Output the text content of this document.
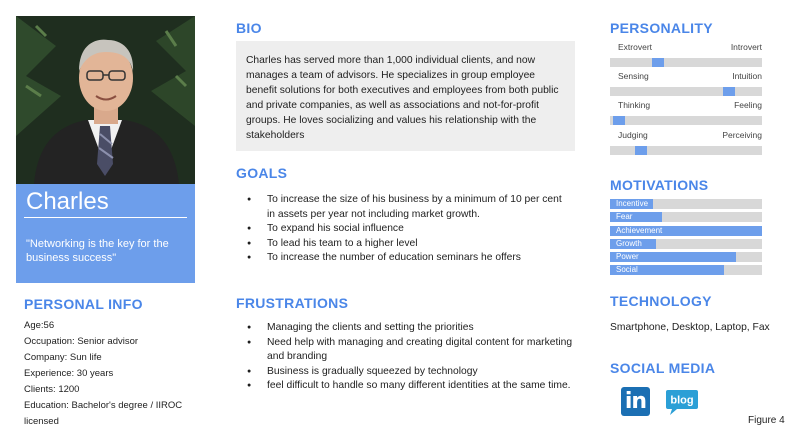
Charles
"Networking is the key for the business success"
PERSONAL INFO
Age:56
Occupation: Senior advisor
Company: Sun life
Experience: 30 years
Clients: 1200
Education: Bachelor's degree / IIROC licensed
BIO

Charles has served more than 1,000 individual clients, and now manages a team of advisors. He specializes in group employee benefit solutions for both executives and employees from both public and private companies, as well as associations and not-for-profit groups. He loves socializing and values his relationship with the stakeholders

GOALS
● To increase the size of his business by a minimum of 10 per cent in assets per year not including market growth.
● To expand his social influence
● To lead his team to a higher level
● To increase the number of education seminars he offers
FRUSTRATIONS
● Managing the clients and setting the priorities
● Need help with managing and creating digital content for marketing and branding
● Business is gradually squeezed by technology
● feel difficult to handle so many different identities at the same time.
PERSONALITY
Extrovert	Introvert
Sensing	Intuition
Thinking	Feeling
Judging	Perceiving
MOTIVATIONS
Incentive
Fear
Achievement
Growth
Power
Social
TECHNOLOGY
Smartphone, Desktop, Laptop, Fax
SOCIAL MEDIA
in	blog
Figure 4
